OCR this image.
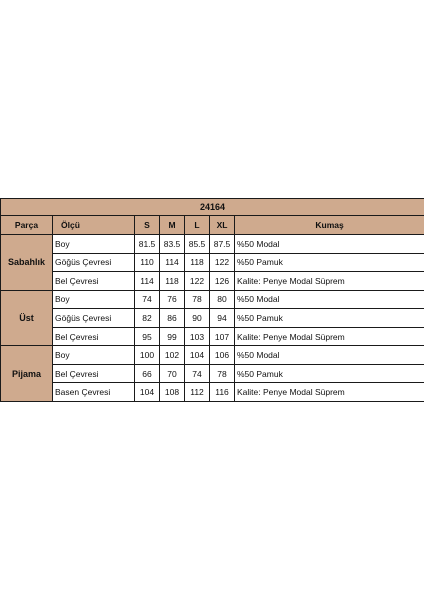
24164						
Parça	Ölçü	S	M	L	XL	Kumaş
Sabahlık	Boy	81.5	83.5	85.5	87.5	%50 Modal
	Göğüs Çevresi	110	114	118	122	%50 Pamuk
	Bel Çevresi	114	118	122	126	Kalite: Penye Modal Süprem
Üst	Boy	74	76	78	80	%50 Modal
	Göğüs Çevresi	82	86	90	94	%50 Pamuk
	Bel Çevresi	95	99	103	107	Kalite: Penye Modal Süprem
Pijama	Boy	100	102	104	106	%50 Modal
	Bel Çevresi	66	70	74	78	%50 Pamuk
	Basen Çevresi	104	108	112	116	Kalite: Penye Modal Süprem
